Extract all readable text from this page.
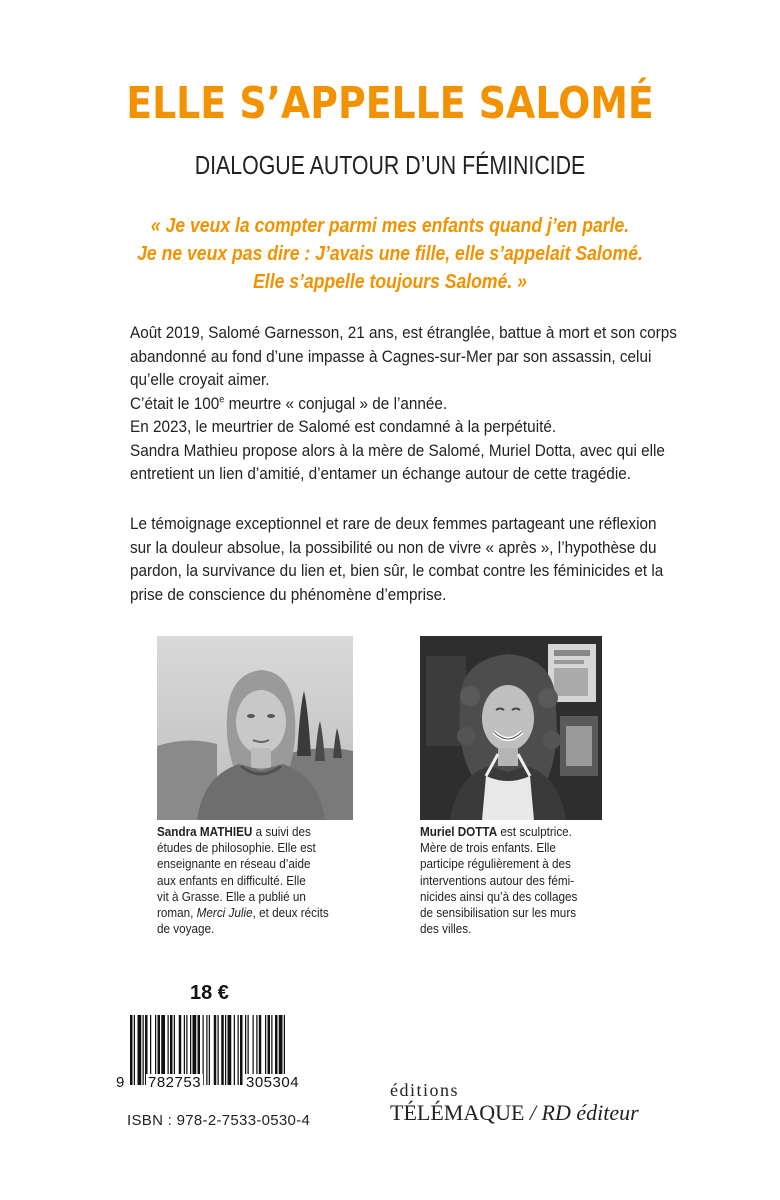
ELLE S’APPELLE SALOMÉ
DIALOGUE AUTOUR D’UN FÉMINICIDE
« Je veux la compter parmi mes enfants quand j’en parle.
Je ne veux pas dire : J’avais une fille, elle s’appelait Salomé.
Elle s’appelle toujours Salomé. »
Août 2019, Salomé Garnesson, 21 ans, est étranglée, battue à mort et son corps
abandonné au fond d’une impasse à Cagnes-sur-Mer par son assassin, celui
qu’elle croyait aimer.
C’était le 100e meurtre « conjugal » de l’année.
En 2023, le meurtrier de Salomé est condamné à la perpétuité.
Sandra Mathieu propose alors à la mère de Salomé, Muriel Dotta, avec qui elle
entretient un lien d’amitié, d’entamer un échange autour de cette tragédie.
Le témoignage exceptionnel et rare de deux femmes partageant une réflexion
sur la douleur absolue, la possibilité ou non de vivre « après », l’hypothèse du
pardon, la survivance du lien et, bien sûr, le combat contre les féminicides et la
prise de conscience du phénomène d’emprise.
Sandra MATHIEU a suivi des
études de philosophie. Elle est
enseignante en réseau d’aide
aux enfants en difficulté. Elle
vit à Grasse. Elle a publié un
roman, Merci Julie, et deux récits
de voyage.
Muriel DOTTA est sculptrice.
Mère de trois enfants. Elle
participe régulièrement à des
interventions autour des fémi-
nicides ainsi qu’à des collages
de sensibilisation sur les murs
des villes.
18 €
9 782753	305304
ISBN : 978-2-7533-0530-4
éditions
TÉLÉMAQUE / RD éditeur
